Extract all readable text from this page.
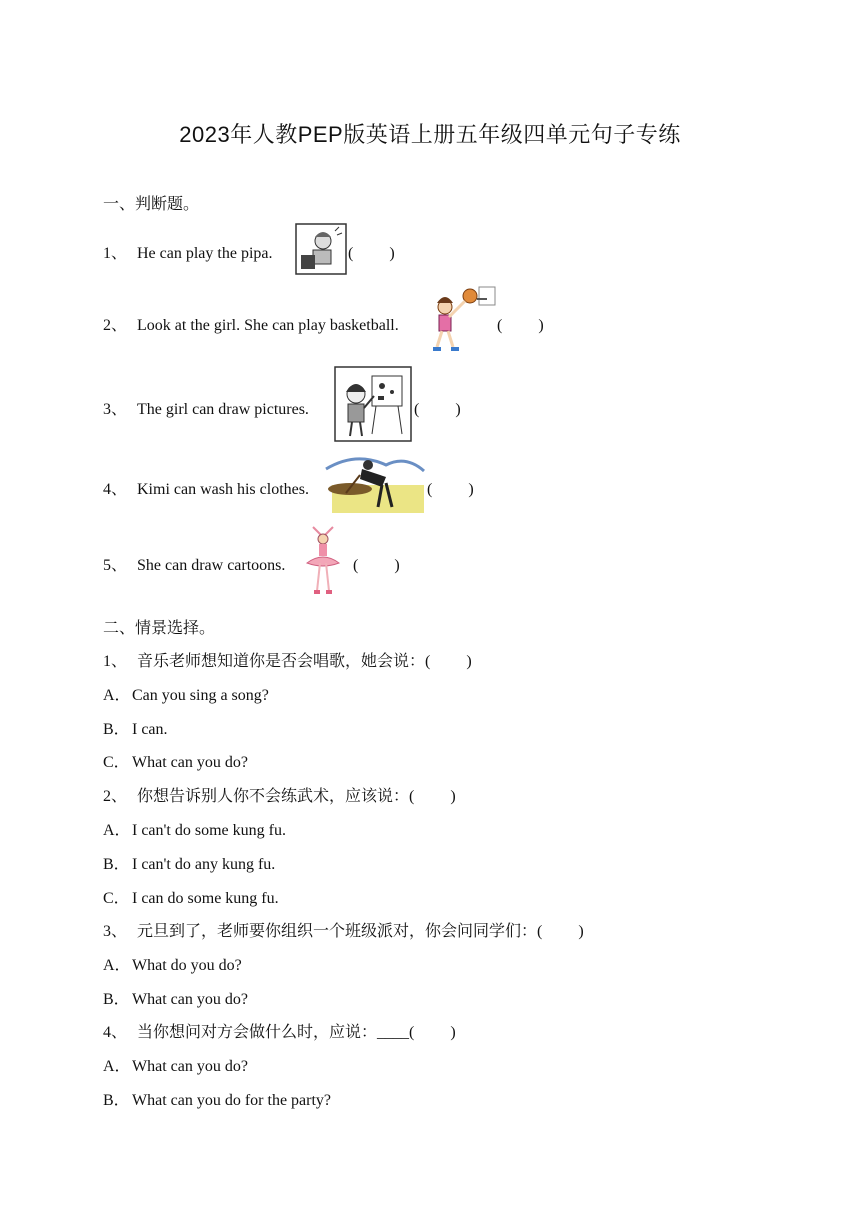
2023年人教PEP版英语上册五年级四单元句子专练
一、判断题。
1、 He can play the pipa.	(　　 )
2、 Look at the girl. She can play basketball.	(　　 )
3、 The girl can draw pictures.	(　　 )
4、 Kimi can wash his clothes.	(　　 )
5、 She can draw cartoons.	(　　 )
二、情景选择。
1、 音乐老师想知道你是否会唱歌，她会说：(　　 )
A．Can you sing a song?
B． I can.
C． What can you do?
2、 你想告诉别人你不会练武术，应该说：(　　 )
A．I can't do some kung fu.
B． I can't do any kung fu.
C． I can do some kung fu.
3、 元旦到了，老师要你组织一个班级派对，你会问同学们：(　　 )
A．What do you do?
B． What can you do?
4、 当你想问对方会做什么时，应说：____(　　 )
A．What can you do?
B． What can you do for the party?
